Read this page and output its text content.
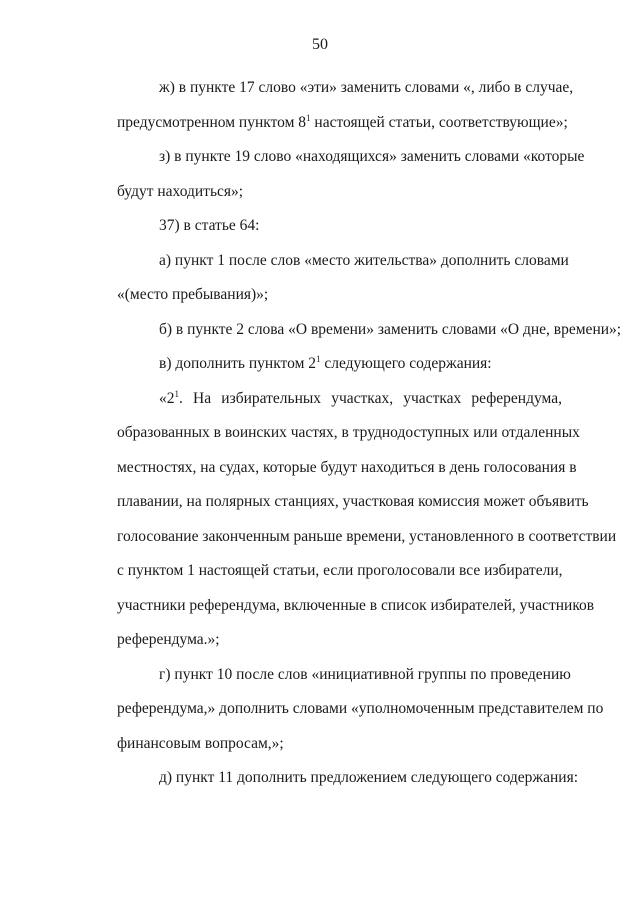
50
ж) в пункте 17 слово «эти» заменить словами «, либо в случае,
предусмотренном пунктом $8^1$ настоящей статьи, соответствующие»;
з) в пункте 19 слово «находящихся» заменить словами «которые
будут находиться»;
37) в статье 64:
а) пункт 1 после слов «место жительства» дополнить словами
«(место пребывания)»;
б) в пункте 2 слова «О времени» заменить словами «О дне, времени»;
в) дополнить пунктом $2^1$ следующего содержания:
«$2^1$. На избирательных участках, участках референдума,
образованных в воинских частях, в труднодоступных или отдаленных
местностях, на судах, которые будут находиться в день голосования в
плавании, на полярных станциях, участковая комиссия может объявить
голосование законченным раньше времени, установленного в соответствии
с пунктом 1 настоящей статьи, если проголосовали все избиратели,
участники референдума, включенные в список избирателей, участников
референдума.»;
г) пункт 10 после слов «инициативной группы по проведению
референдума,» дополнить словами «уполномоченным представителем по
финансовым вопросам,»;
д) пункт 11 дополнить предложением следующего содержания:
